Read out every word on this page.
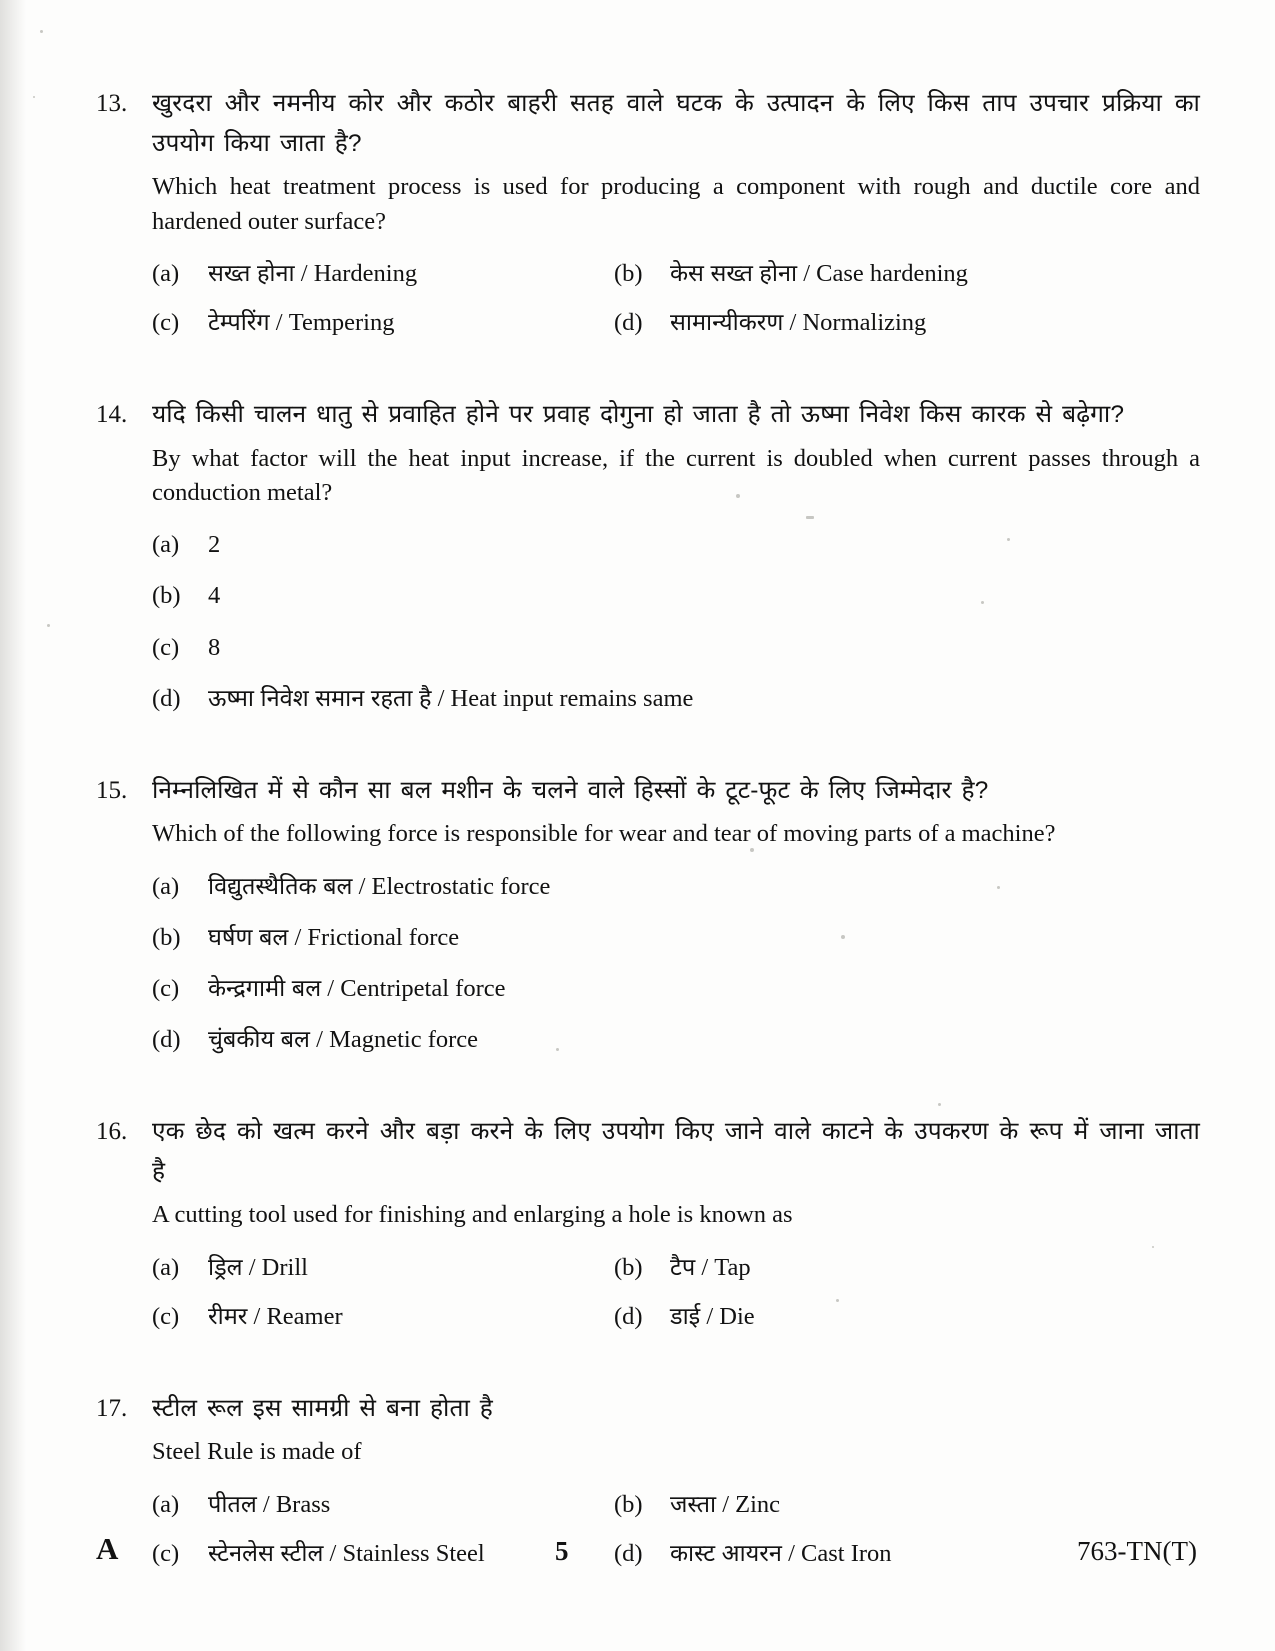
13.	खुरदरा और नमनीय कोर और कठोर बाहरी सतह वाले घटक के उत्पादन के लिए किस ताप उपचार प्रक्रिया का उपयोग किया जाता है?
Which heat treatment process is used for producing a component with rough and ductile core and hardened outer surface?
(a)	सख्त होना / Hardening	(b)	केस सख्त होना / Case hardening
(c)	टेम्परिंग / Tempering	(d)	सामान्यीकरण / Normalizing
14.	यदि किसी चालन धातु से प्रवाहित होने पर प्रवाह दोगुना हो जाता है तो ऊष्मा निवेश किस कारक से बढ़ेगा?
By what factor will the heat input increase, if the current is doubled when current passes through a conduction metal?
(a)	2
(b)	4
(c)	8
(d)	ऊष्मा निवेश समान रहता है / Heat input remains same
15.	निम्नलिखित में से कौन सा बल मशीन के चलने वाले हिस्सों के टूट-फूट के लिए जिम्मेदार है?
Which of the following force is responsible for wear and tear of moving parts of a machine?
(a)	विद्युतस्थैतिक बल / Electrostatic force
(b)	घर्षण बल / Frictional force
(c)	केन्द्रगामी बल / Centripetal force
(d)	चुंबकीय बल / Magnetic force
16.	एक छेद को खत्म करने और बड़ा करने के लिए उपयोग किए जाने वाले काटने के उपकरण के रूप में जाना जाता है
A cutting tool used for finishing and enlarging a hole is known as
(a)	ड्रिल / Drill	(b)	टैप / Tap
(c)	रीमर / Reamer	(d)	डाई / Die
17.	स्टील रूल इस सामग्री से बना होता है
Steel Rule is made of
(a)	पीतल / Brass	(b)	जस्ता / Zinc
(c)	स्टेनलेस स्टील / Stainless Steel	(d)	कास्ट आयरन / Cast Iron
A	5	763-TN(T)
